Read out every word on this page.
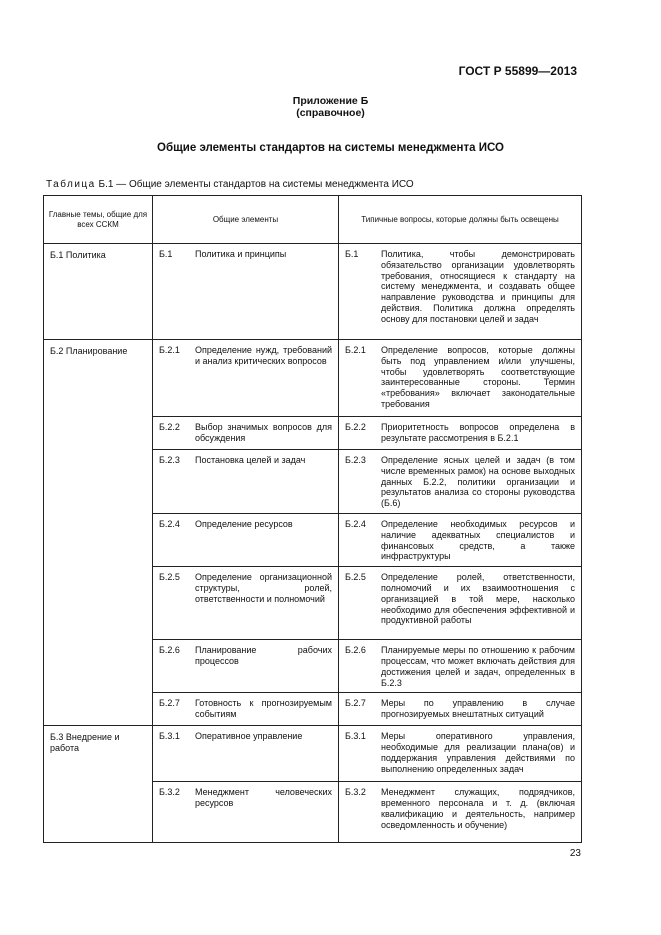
ГОСТ Р 55899—2013
Приложение Б
(справочное)
Общие элементы стандартов на системы менеджмента ИСО
Таблица Б.1 — Общие элементы стандартов на системы менеджмента ИСО
Главные темы, общие для всех ССКМ	Общие элементы	Типичные вопросы, которые должны быть освещены
Б.1 Политика	Б.1 Политика и принципы	Б.1 Политика, чтобы демонстрировать обязательство организации удовлетворять требования, относящиеся к стандарту на систему менеджмента, и создавать общее направление руководства и принципы для действия. Политика должна определять основу для постановки целей и задач

Б.2 Планирование	Б.2.1 Определение нужд, требований и анализ критических вопросов	Б.2.1 Определение вопросов, которые должны быть под управлением и/или улучшены, чтобы удовлетворять соответствующие заинтересованные стороны. Термин «требования» включает законодательные требования

	Б.2.2 Выбор значимых вопросов для обсуждения	Б.2.2 Приоритетность вопросов определена в результате рассмотрения в Б.2.1

	Б.2.3 Постановка целей и задач	Б.2.3 Определение ясных целей и задач (в том числе временных рамок) на основе выходных данных Б.2.2, политики организации и результатов анализа со стороны руководства (Б.6)

	Б.2.4 Определение ресурсов	Б.2.4 Определение необходимых ресурсов и наличие адекватных специалистов и финансовых средств, а также инфраструктуры

	Б.2.5 Определение организационной структуры, ролей, ответственности и полномочий	Б.2.5 Определение ролей, ответственности, полномочий и их взаимоотношения с организацией в той мере, насколько необходимо для обеспечения эффективной и продуктивной работы

	Б.2.6 Планирование рабочих процессов	Б.2.6 Планируемые меры по отношению к рабочим процессам, что может включать действия для достижения целей и задач, определенных в Б.2.3

	Б.2.7 Готовность к прогнозируемым событиям	Б.2.7 Меры по управлению в случае прогнозируемых внештатных ситуаций

Б.3 Внедрение и работа	Б.3.1 Оперативное управление	Б.3.1 Меры оперативного управления, необходимые для реализации плана(ов) и поддержания управления действиями по выполнению определенных задач

	Б.3.2 Менеджмент человеческих ресурсов	Б.3.2 Менеджмент служащих, подрядчиков, временного персонала и т. д. (включая квалификацию и деятельность, например осведомленность и обучение)
23
